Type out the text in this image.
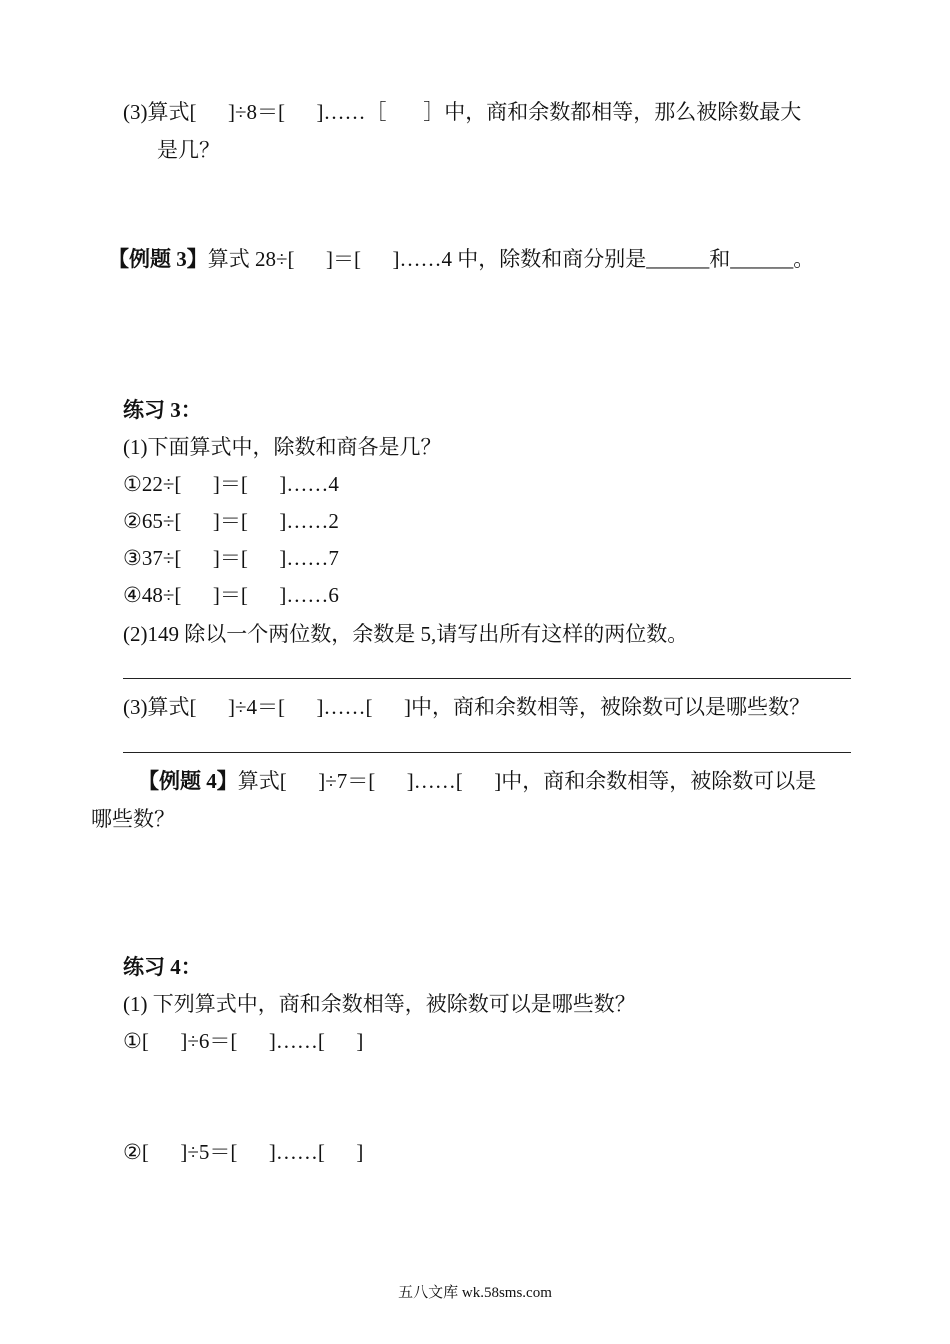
(3)算式[      ]÷8＝[      ]……［       ］中，商和余数都相等，那么被除数最大
是几？
【例题 3】算式 28÷[      ]＝[      ]……4 中，除数和商分别是______和______。
练习 3：
(1)下面算式中，除数和商各是几？
①22÷[      ]＝[      ]……4
②65÷[      ]＝[      ]……2
③37÷[      ]＝[      ]……7
④48÷[      ]＝[      ]……6
(2)149 除以一个两位数，余数是 5,请写出所有这样的两位数。
(3)算式[      ]÷4＝[      ]……[      ]中，商和余数相等，被除数可以是哪些数？
【例题 4】算式[      ]÷7＝[      ]……[      ]中，商和余数相等，被除数可以是
哪些数？
练习 4：
(1) 下列算式中，商和余数相等，被除数可以是哪些数？
①[      ]÷6＝[      ]……[      ]
②[      ]÷5＝[      ]……[      ]
五八文库 wk.58sms.com
